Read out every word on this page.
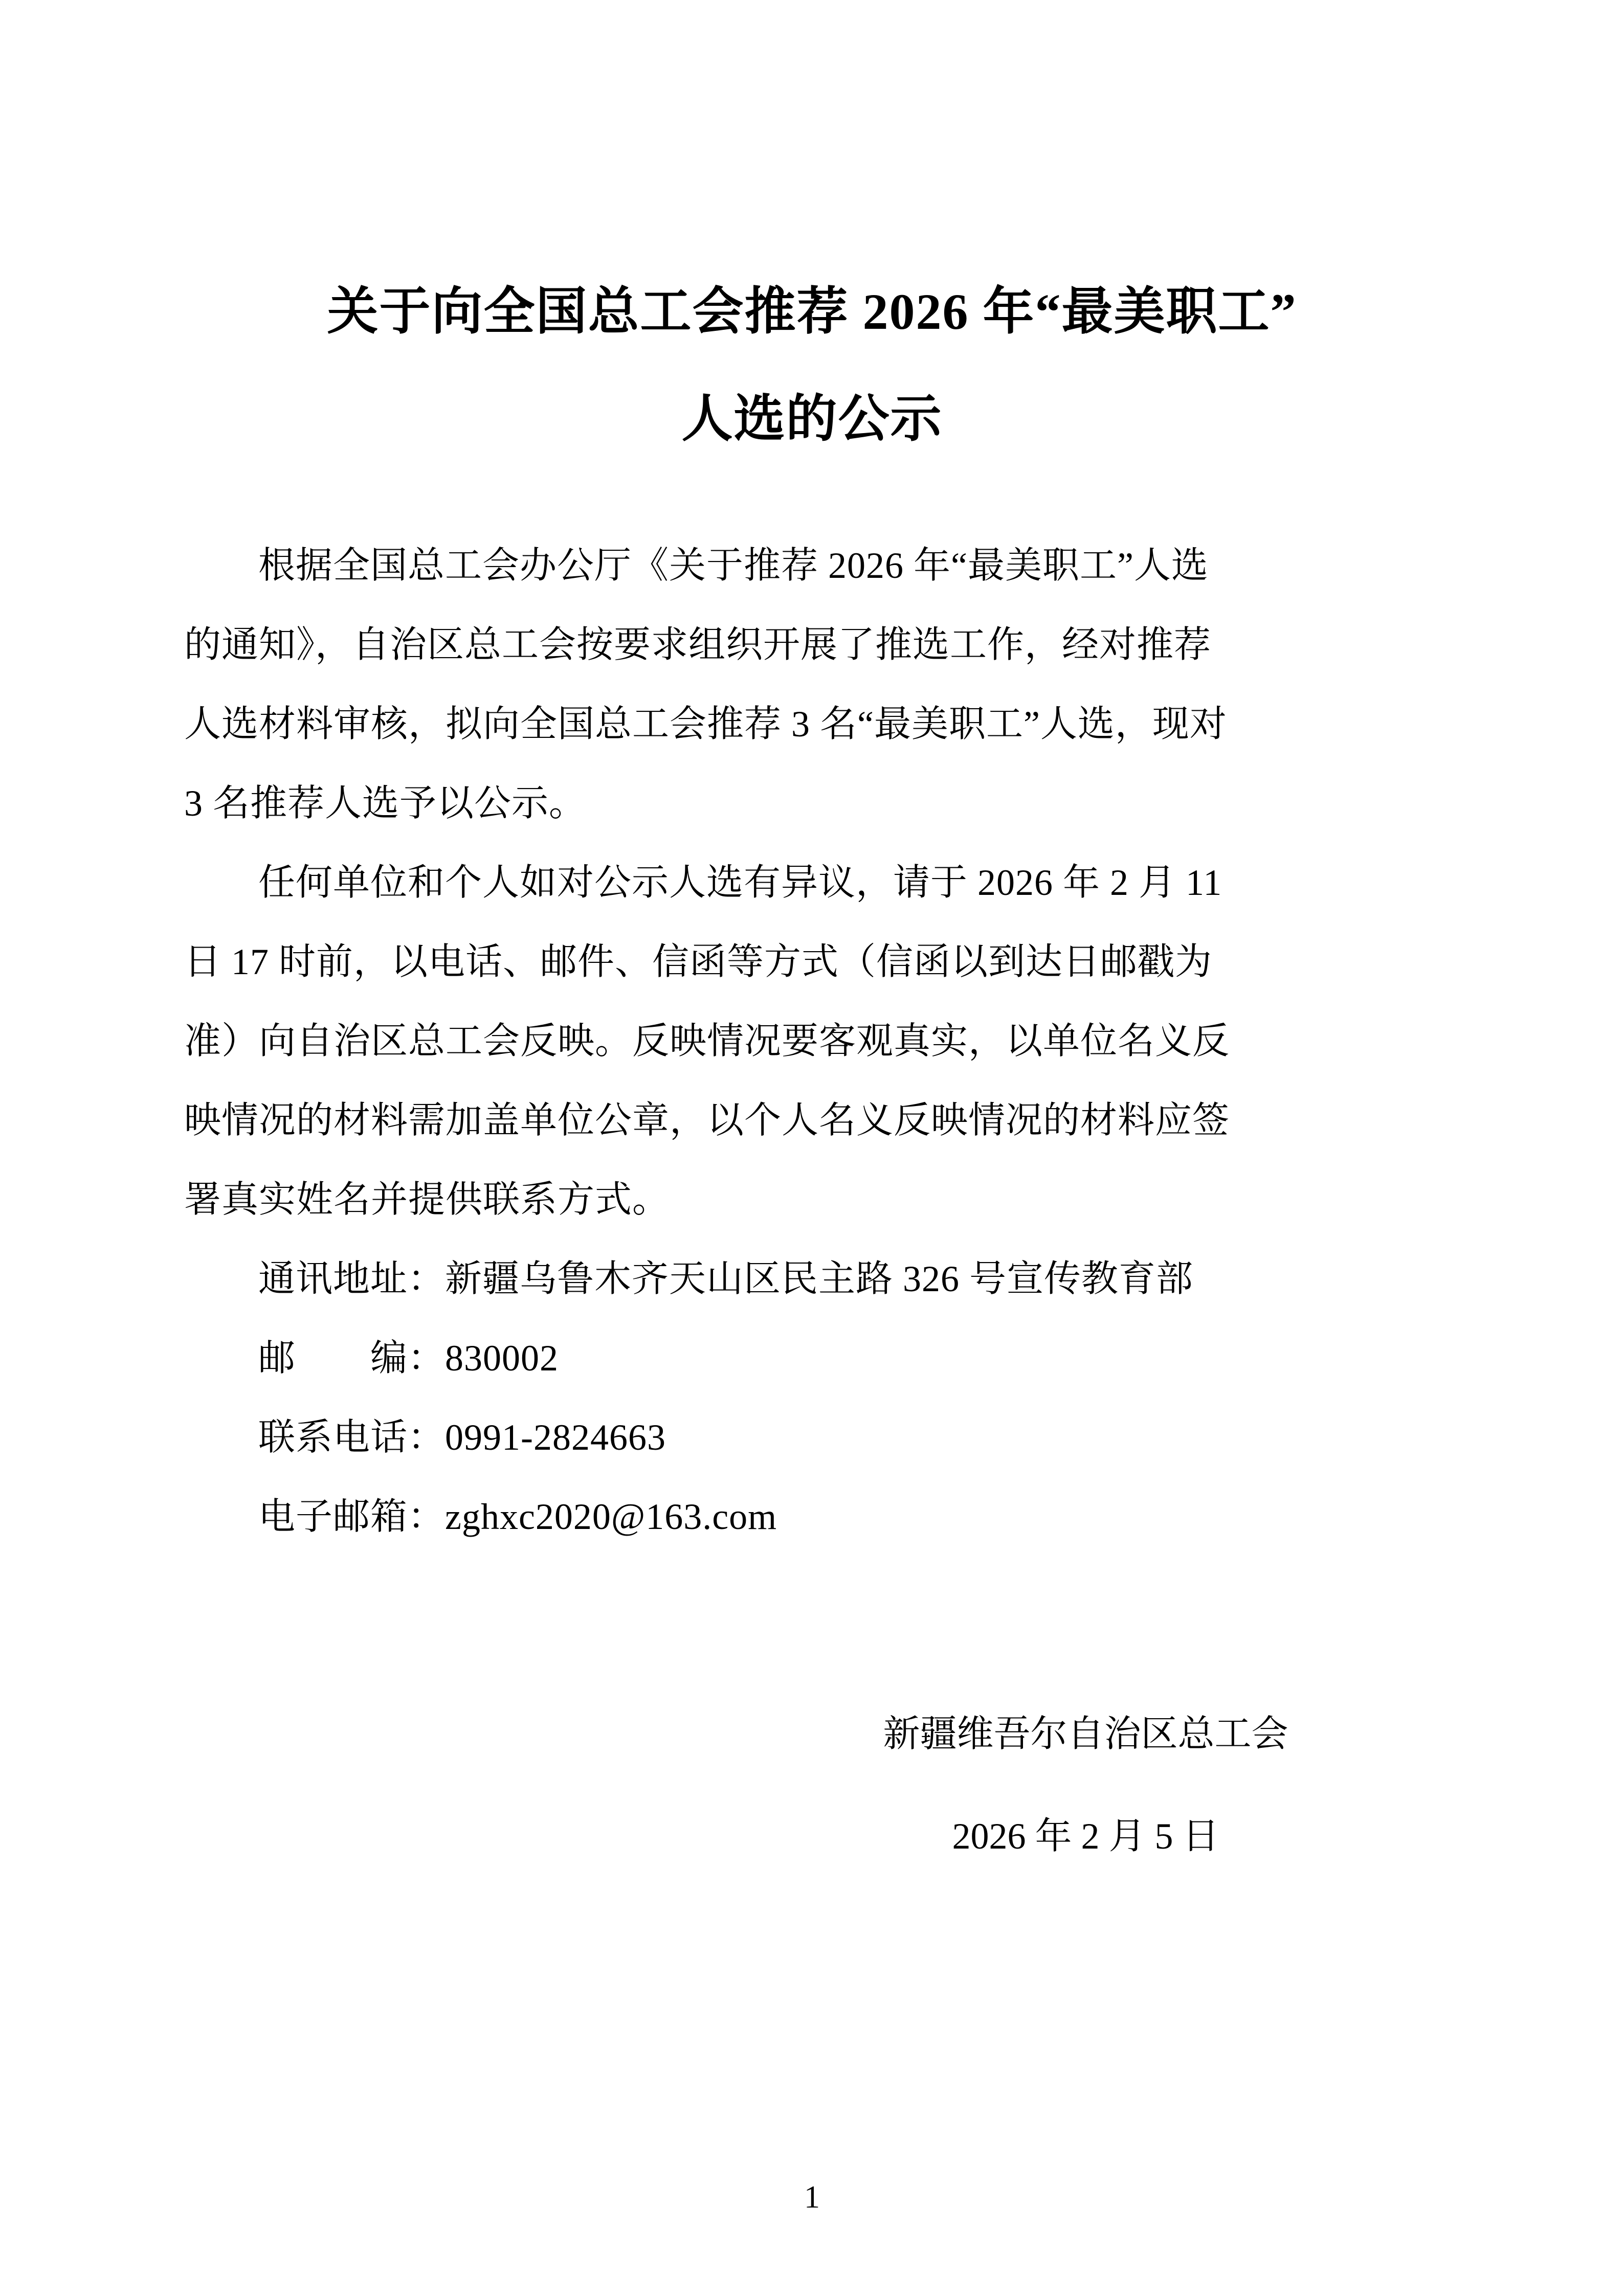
关于向全国总工会推荐 2026 年“最美职工”
人选的公示
根据全国总工会办公厅《关于推荐 2026 年“最美职工”人选
的通知》，自治区总工会按要求组织开展了推选工作，经对推荐
人选材料审核，拟向全国总工会推荐 3 名“最美职工”人选，现对
3 名推荐人选予以公示。
任何单位和个人如对公示人选有异议，请于 2026 年 2 月 11
日 17 时前，以电话、邮件、信函等方式（信函以到达日邮戳为
准）向自治区总工会反映。反映情况要客观真实，以单位名义反
映情况的材料需加盖单位公章，以个人名义反映情况的材料应签
署真实姓名并提供联系方式。
通讯地址：新疆乌鲁木齐天山区民主路 326 号宣传教育部
邮　　编：830002
联系电话：0991-2824663
电子邮箱：zghxc2020@163.com
新疆维吾尔自治区总工会
2026 年 2 月 5 日
1
